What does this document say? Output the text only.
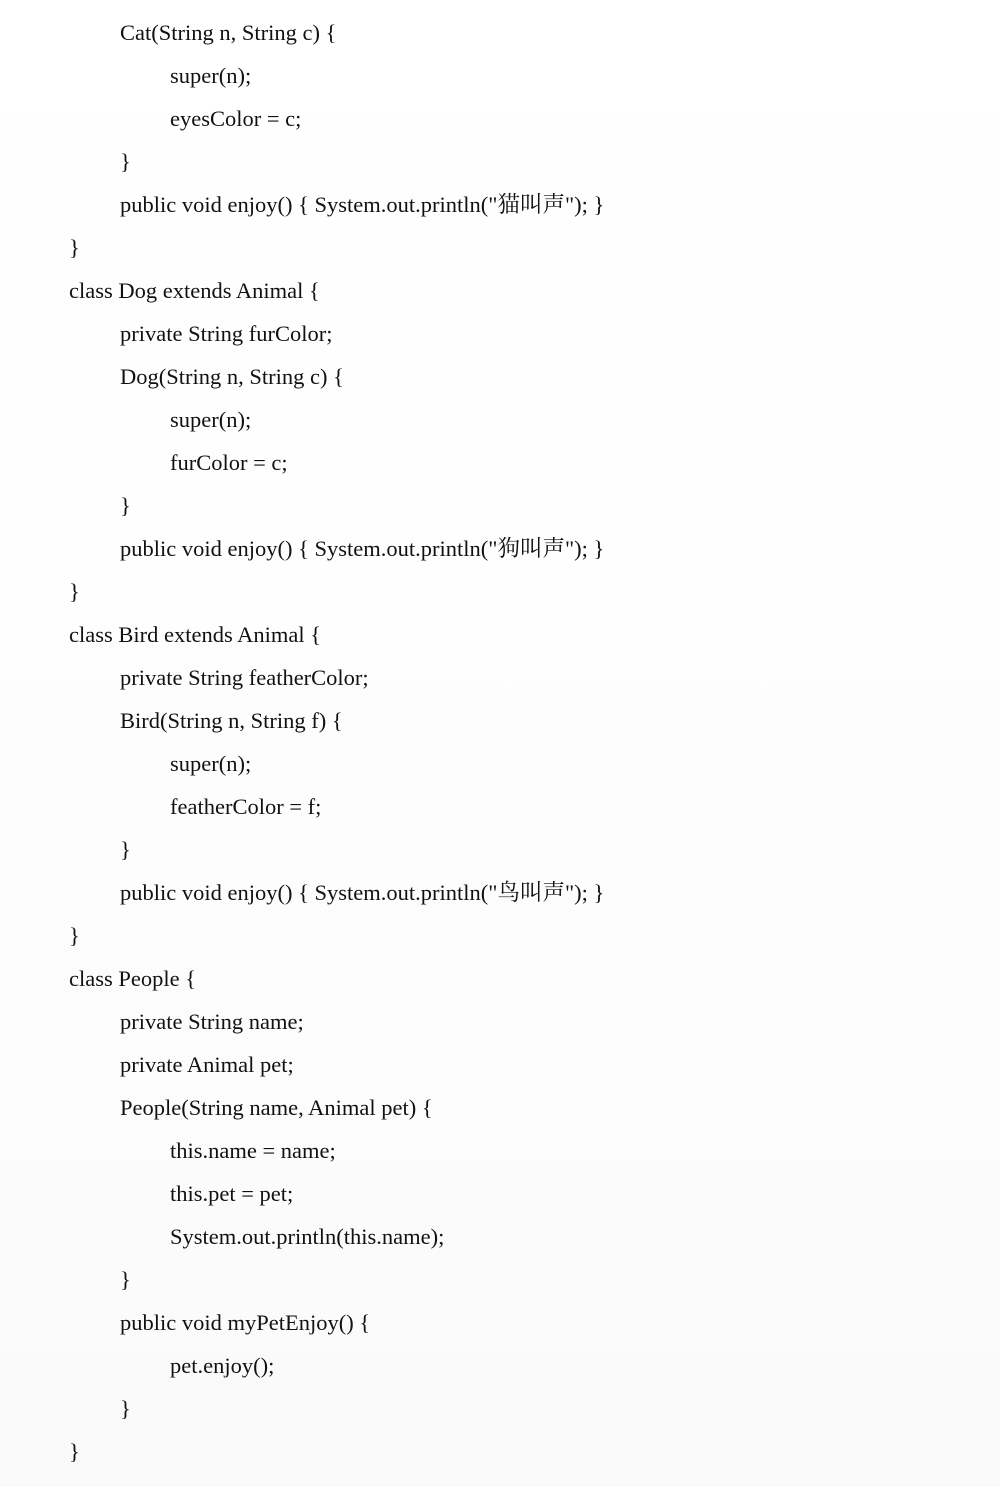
Cat(String n, String c) {
super(n);
eyesColor = c;
}
public void enjoy() { System.out.println("猫叫声"); }
}
class Dog extends Animal {
private String furColor;
Dog(String n, String c) {
super(n);
furColor = c;
}
public void enjoy() { System.out.println("狗叫声"); }
}
class Bird extends Animal {
private String featherColor;
Bird(String n, String f) {
super(n);
featherColor = f;
}
public void enjoy() { System.out.println("鸟叫声"); }
}
class People {
private String name;
private Animal pet;
People(String name, Animal pet) {
this.name = name;
this.pet = pet;
System.out.println(this.name);
}
public void myPetEnjoy() {
pet.enjoy();
}
}
